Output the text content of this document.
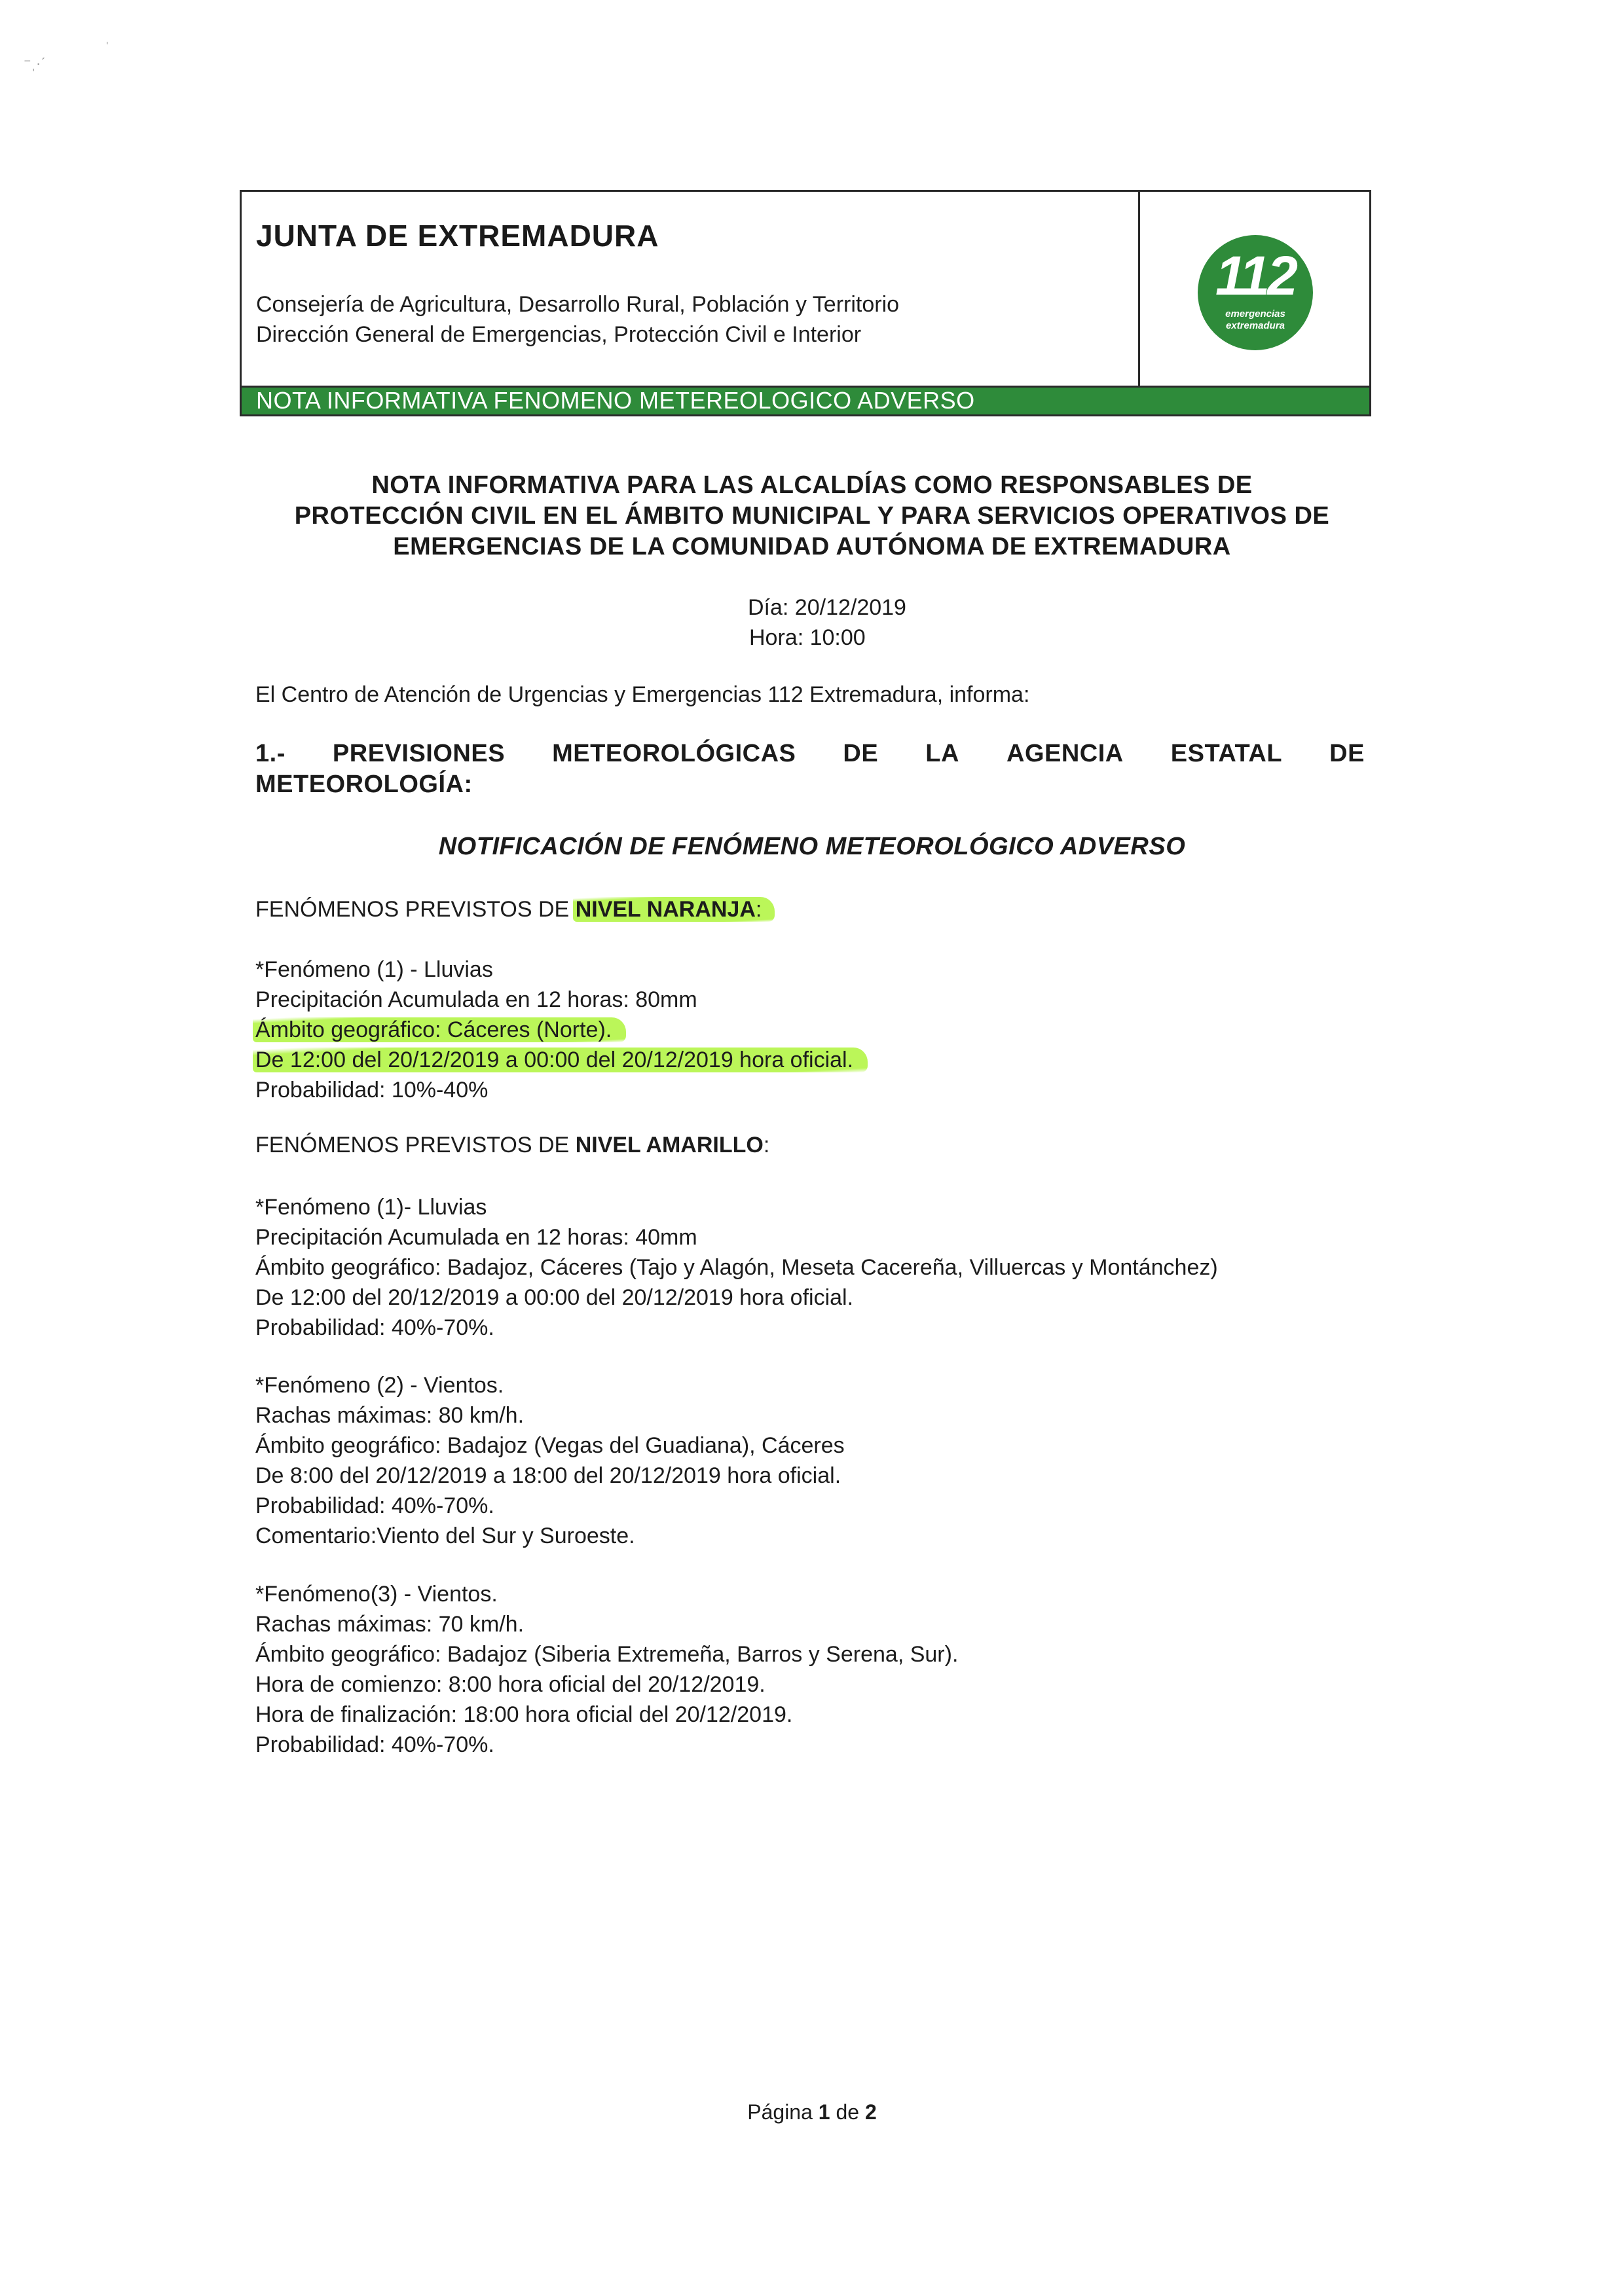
⁻ˌ·ˊ
ˈ
JUNTA DE EXTREMADURA
Consejería de Agricultura, Desarrollo Rural, Población y Territorio
Dirección General de Emergencias, Protección Civil e Interior
112
emergencias
extremadura
NOTA INFORMATIVA FENOMENO METEREOLOGICO ADVERSO
NOTA INFORMATIVA PARA LAS ALCALDÍAS COMO RESPONSABLES DE
PROTECCIÓN CIVIL EN EL ÁMBITO MUNICIPAL Y PARA SERVICIOS OPERATIVOS DE
EMERGENCIAS DE LA COMUNIDAD AUTÓNOMA DE EXTREMADURA
Día: 20/12/2019
Hora: 10:00
El Centro de Atención de Urgencias y Emergencias 112 Extremadura, informa:
1.- PREVISIONES METEOROLÓGICAS DE LA AGENCIA ESTATAL DE
METEOROLOGÍA:
NOTIFICACIÓN DE FENÓMENO METEOROLÓGICO ADVERSO
FENÓMENOS PREVISTOS DE NIVEL NARANJA:
*Fenómeno (1) - Lluvias
Precipitación Acumulada en 12 horas: 80mm
Ámbito geográfico: Cáceres (Norte).
De 12:00 del 20/12/2019 a 00:00 del 20/12/2019 hora oficial.
Probabilidad: 10%-40%
FENÓMENOS PREVISTOS DE NIVEL AMARILLO:
*Fenómeno (1)- Lluvias
Precipitación Acumulada en 12 horas: 40mm
Ámbito geográfico: Badajoz, Cáceres (Tajo y Alagón, Meseta Cacereña, Villuercas y Montánchez)
De 12:00 del 20/12/2019 a 00:00 del 20/12/2019 hora oficial.
Probabilidad: 40%-70%.
*Fenómeno (2) - Vientos.
Rachas máximas: 80 km/h.
Ámbito geográfico: Badajoz (Vegas del Guadiana), Cáceres
De 8:00 del 20/12/2019 a 18:00 del 20/12/2019 hora oficial.
Probabilidad: 40%-70%.
Comentario:Viento del Sur y Suroeste.
*Fenómeno(3) - Vientos.
Rachas máximas: 70 km/h.
Ámbito geográfico: Badajoz (Siberia Extremeña, Barros y Serena, Sur).
Hora de comienzo: 8:00 hora oficial del 20/12/2019.
Hora de finalización: 18:00 hora oficial del 20/12/2019.
Probabilidad: 40%-70%.
Página 1 de 2
